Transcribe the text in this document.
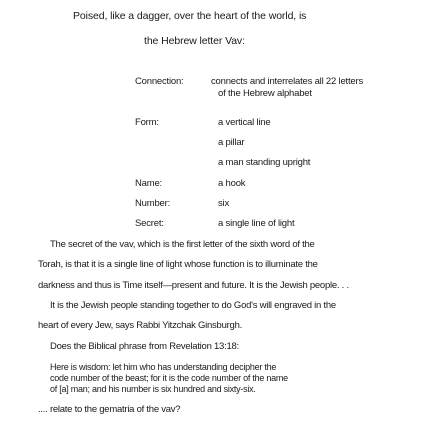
Poised, like a dagger, over the heart of the world, is
the Hebrew letter Vav:
Connection:	connects and interrelates all 22 letters
of the Hebrew alphabet
Form:	a vertical line
a pillar
a man standing upright
Name:	a hook
Number:	six
Secret:	a single line of light
The secret of the vav, which is the first letter of the sixth word of the
Torah, is that it is a single line of light whose function is to illuminate the
darkness and thus is Time itself—present and future. It is the Jewish people. . .
It is the Jewish people standing together to do God's will engraved in the
heart of every Jew, says Rabbi Yitzchak Ginsburgh.
Does the Biblical phrase from Revelation 13:18:
Here is wisdom: let him who has understanding decipher the
code number of the beast; for it is the code number of the name
of [a] man; and his number is six hundred and sixty-six.
.... relate to the gematria of the vav?
